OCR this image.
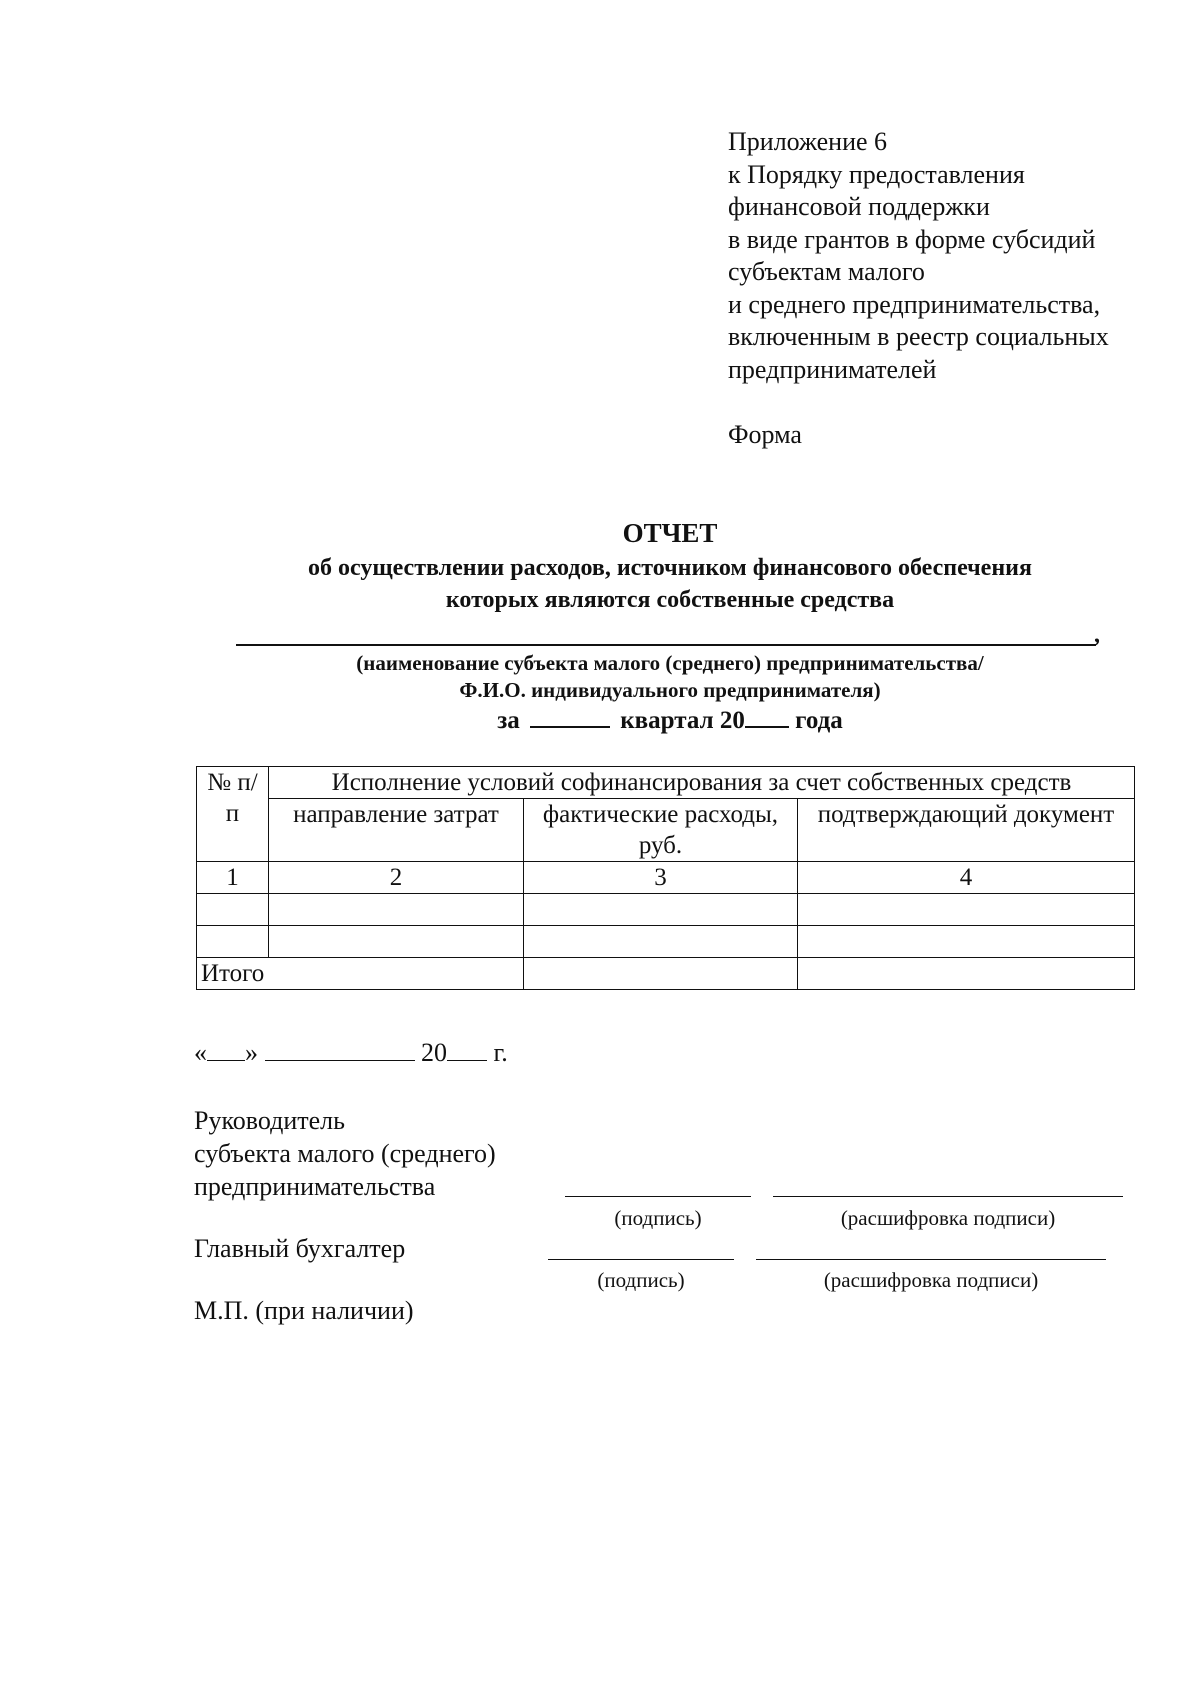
Приложение 6
к Порядку предоставления
финансовой поддержки
в виде грантов в форме субсидий
субъектам малого
и среднего предпринимательства,
включенным в реестр социальных
предпринимателей
Форма
ОТЧЕТ
об осуществлении расходов, источником финансового обеспечения
которых являются собственные средства
,
(наименование субъекта малого (среднего) предпринимательства/
Ф.И.О. индивидуального предпринимателя)
за	квартал 20 года
№ п/п	Исполнение условий софинансирования за счет собственных средств		
	направление затрат	фактические расходы, руб.	подтверждающий документ
1	2	3	4

Итого			
« »	20 г.
Руководитель
субъекта малого (среднего)
предпринимательства
(подпись)	(расшифровка подписи)
Главный бухгалтер
(подпись)	(расшифровка подписи)
М.П. (при наличии)
